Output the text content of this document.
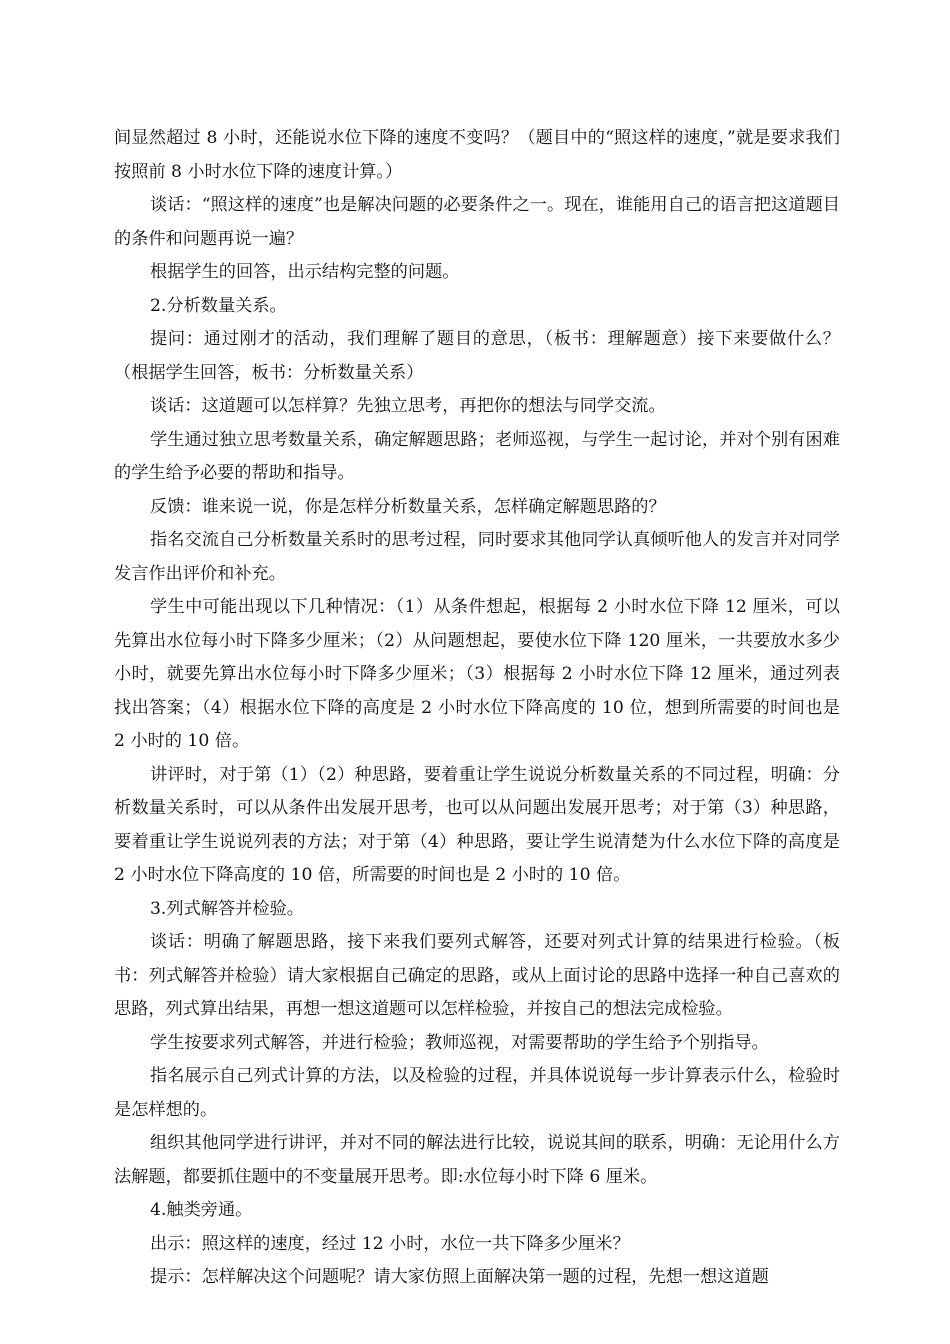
间显然超过 8 小时，还能说水位下降的速度不变吗？（题目中的“照这样的速度，”就是要求我们按照前 8 小时水位下降的速度计算。）

谈话：“照这样的速度”也是解决问题的必要条件之一。现在，谁能用自己的语言把这道题目的条件和问题再说一遍？

根据学生的回答，出示结构完整的问题。

2.分析数量关系。

提问：通过刚才的活动，我们理解了题目的意思，（板书：理解题意）接下来要做什么？（根据学生回答，板书：分析数量关系）

谈话：这道题可以怎样算？先独立思考，再把你的想法与同学交流。

学生通过独立思考数量关系，确定解题思路；老师巡视，与学生一起讨论，并对个别有困难的学生给予必要的帮助和指导。

反馈：谁来说一说，你是怎样分析数量关系，怎样确定解题思路的？

指名交流自己分析数量关系时的思考过程，同时要求其他同学认真倾听他人的发言并对同学发言作出评价和补充。

学生中可能出现以下几种情况：（1）从条件想起，根据每 2 小时水位下降 12 厘米，可以先算出水位每小时下降多少厘米；（2）从问题想起，要使水位下降 120 厘米，一共要放水多少小时，就要先算出水位每小时下降多少厘米；（3）根据每 2 小时水位下降 12 厘米，通过列表找出答案；（4）根据水位下降的高度是 2 小时水位下降高度的 10 位，想到所需要的时间也是 2 小时的 10 倍。

讲评时，对于第（1）（2）种思路，要着重让学生说说分析数量关系的不同过程，明确：分析数量关系时，可以从条件出发展开思考，也可以从问题出发展开思考；对于第（3）种思路，要着重让学生说说列表的方法；对于第（4）种思路，要让学生说清楚为什么水位下降的高度是 2 小时水位下降高度的 10 倍，所需要的时间也是 2 小时的 10 倍。

3.列式解答并检验。

谈话：明确了解题思路，接下来我们要列式解答，还要对列式计算的结果进行检验。（板书：列式解答并检验）请大家根据自己确定的思路，或从上面讨论的思路中选择一种自己喜欢的思路，列式算出结果，再想一想这道题可以怎样检验，并按自己的想法完成检验。

学生按要求列式解答，并进行检验；教师巡视，对需要帮助的学生给予个别指导。

指名展示自己列式计算的方法，以及检验的过程，并具体说说每一步计算表示什么，检验时是怎样想的。

组织其他同学进行讲评，并对不同的解法进行比较，说说其间的联系，明确：无论用什么方法解题，都要抓住题中的不变量展开思考。即:水位每小时下降 6 厘米。

4.触类旁通。

出示：照这样的速度，经过 12 小时，水位一共下降多少厘米？

提示：怎样解决这个问题呢？请大家仿照上面解决第一题的过程，先想一想这道题
